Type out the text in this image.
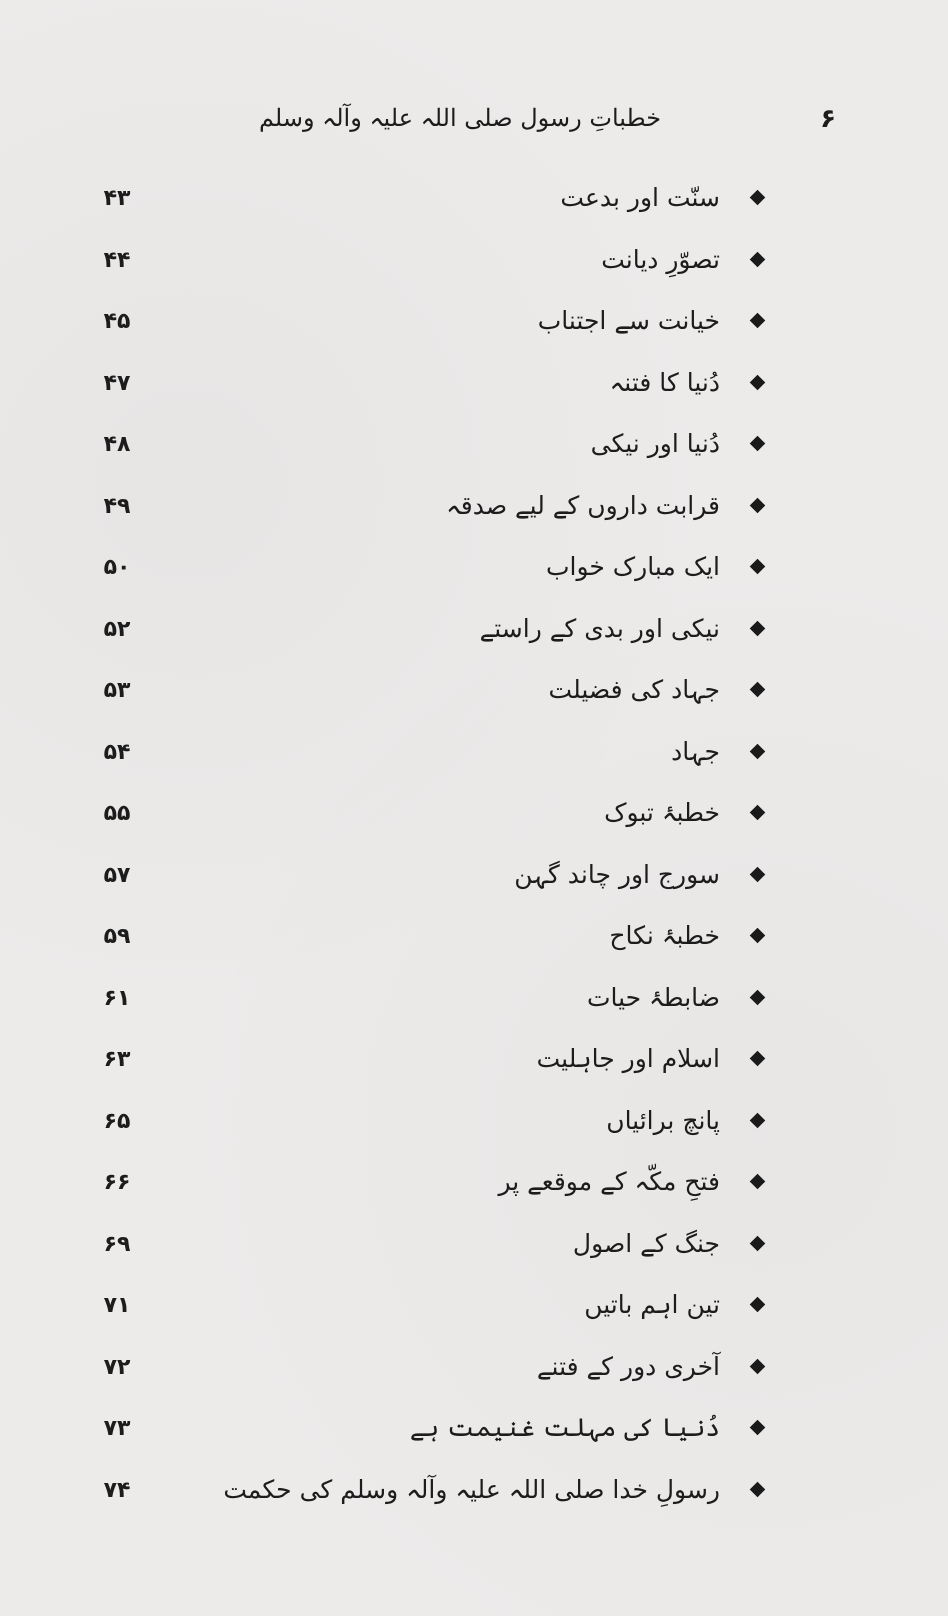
۶
خطباتِ رسول صلی اللہ علیہ وآلہ وسلم
سنّت اور بدعت
۴۳
تصوّرِ دیانت
۴۴
خیانت سے اجتناب
۴۵
دُنیا کا فتنہ
۴۷
دُنیا اور نیکی
۴۸
قرابت داروں کے لیے صدقہ
۴۹
ایک مبارک خواب
۵۰
نیکی اور بدی کے راستے
۵۲
جہاد کی فضیلت
۵۳
جہاد
۵۴
خطبۂ تبوک
۵۵
سورج اور چاند گہن
۵۷
خطبۂ نکاح
۵۹
ضابطۂ حیات
۶۱
اسلام اور جاہلیت
۶۳
پانچ برائیاں
۶۵
فتحِ مکّہ کے موقعے پر
۶۶
جنگ کے اصول
۶۹
تین اہم باتیں
۷۱
آخری دور کے فتنے
۷۲
دُنیا کی مہلت غنیمت ہے
۷۳
رسولِ خدا صلی اللہ علیہ وآلہ وسلم کی حکمت
۷۴
